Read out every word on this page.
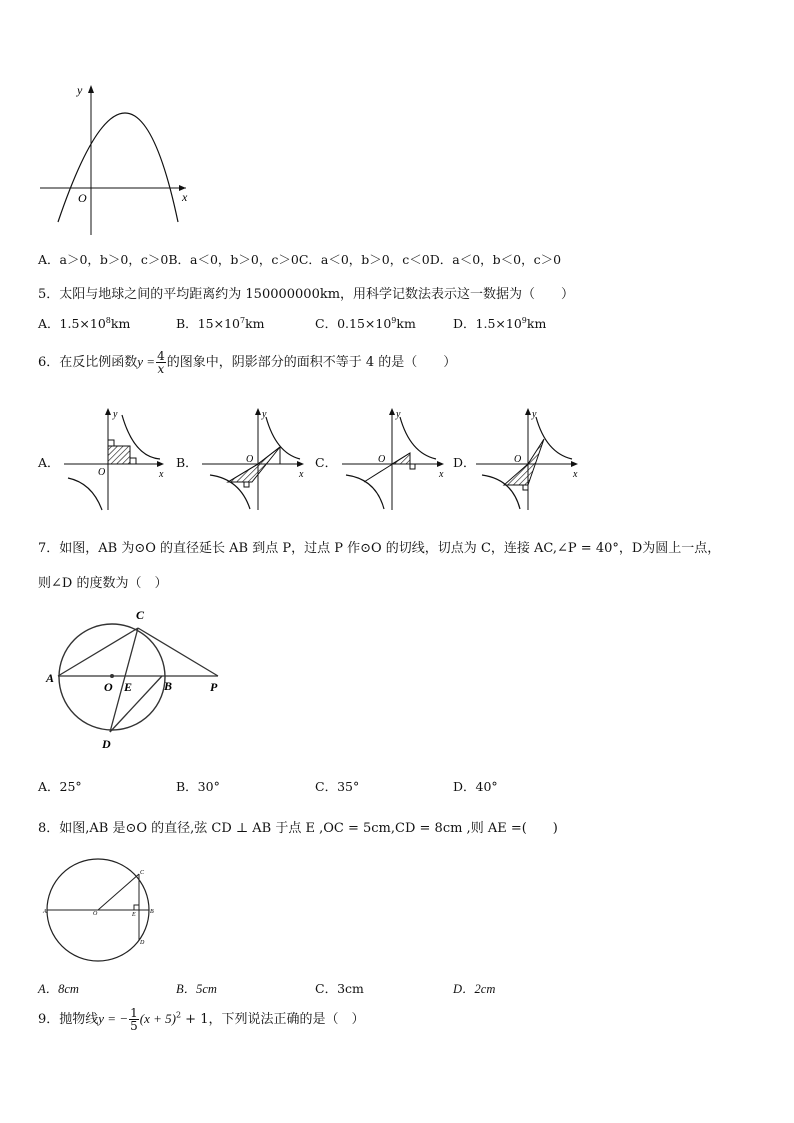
y
x
O
A．a＞0，b＞0，c＞0B．a＜0，b＞0，c＞0C．a＜0，b＞0，c＜0D．a＜0，b＜0，c＞0
5．太阳与地球之间的平均距离约为 150000000km，用科学记数法表示这一数据为（　　）
A．$1.5\times 10^8km$	B．$15\times 10^7km$	C．$0.15\times 10^9km$	D．$1.5\times 10^9km$
6．在反比例函数$y = \frac{4}{x}$ 的图象中，阴影部分的面积不等于 4 的是（　　）
A．	B．	C．	D．
y
x
O
y
x
O
y
x
O
y
x
O
7．如图，AB 为⊙O 的直径延长 AB 到点 P，过点 P 作⊙O 的切线，切点为 C，连接 AC,∠P = 40°，D为圆上一点，
则∠D 的度数为（　）
A
O E	B	P
C
D
A．25°	B．30°	C．35°	D．40°
8．如图,AB 是⊙O 的直径,弦 CD ⊥ AB 于点 E ,OC = 5cm,CD = 8cm ,则 AE =(　　)
A	O	E B
C
D
A．8cm	B．5cm	C．3cm	D．2cm
9．抛物线y = − $\frac{1}{5} (x + 5)^2 + 1$，下列说法正确的是（　）
